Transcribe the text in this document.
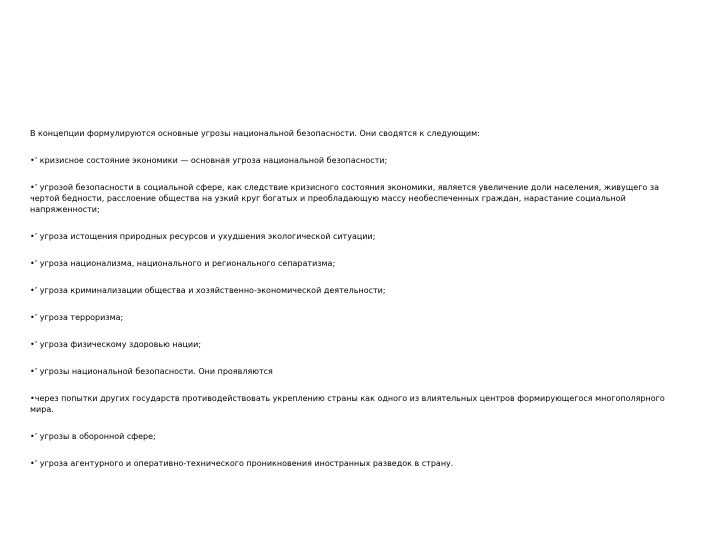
В концепции формулируются основные угрозы национальной безопасности. Они сводятся к следующим:

•’ кризисное состояние экономики — основная угроза национальной безопасности;

•’ угрозой безопасности в социальной сфере, как следствие кризисного состояния экономики, является увеличение доли населения, живущего за чертой бедности, расслоение общества на узкий круг богатых и преобладающую массу необеспеченных граждан, нарастание социальной напряженности;

•’ угроза истощения природных ресурсов и ухудшения экологической ситуации;

•’ угроза национализма, национального и регионального сепаратизма;

•’ угроза криминализации общества и хозяйственно-экономической деятельности;

•’ угроза терроризма;

•’ угроза физическому здоровью нации;

•’ угрозы национальной безопасности. Они проявляются

•через попытки других государств противодействовать укреплению страны как одного из влиятельных центров формирующегося многополярного мира.

•’ угрозы в оборонной сфере;

•’ угроза агентурного и оперативно-технического проникновения иностранных разведок в страну.
